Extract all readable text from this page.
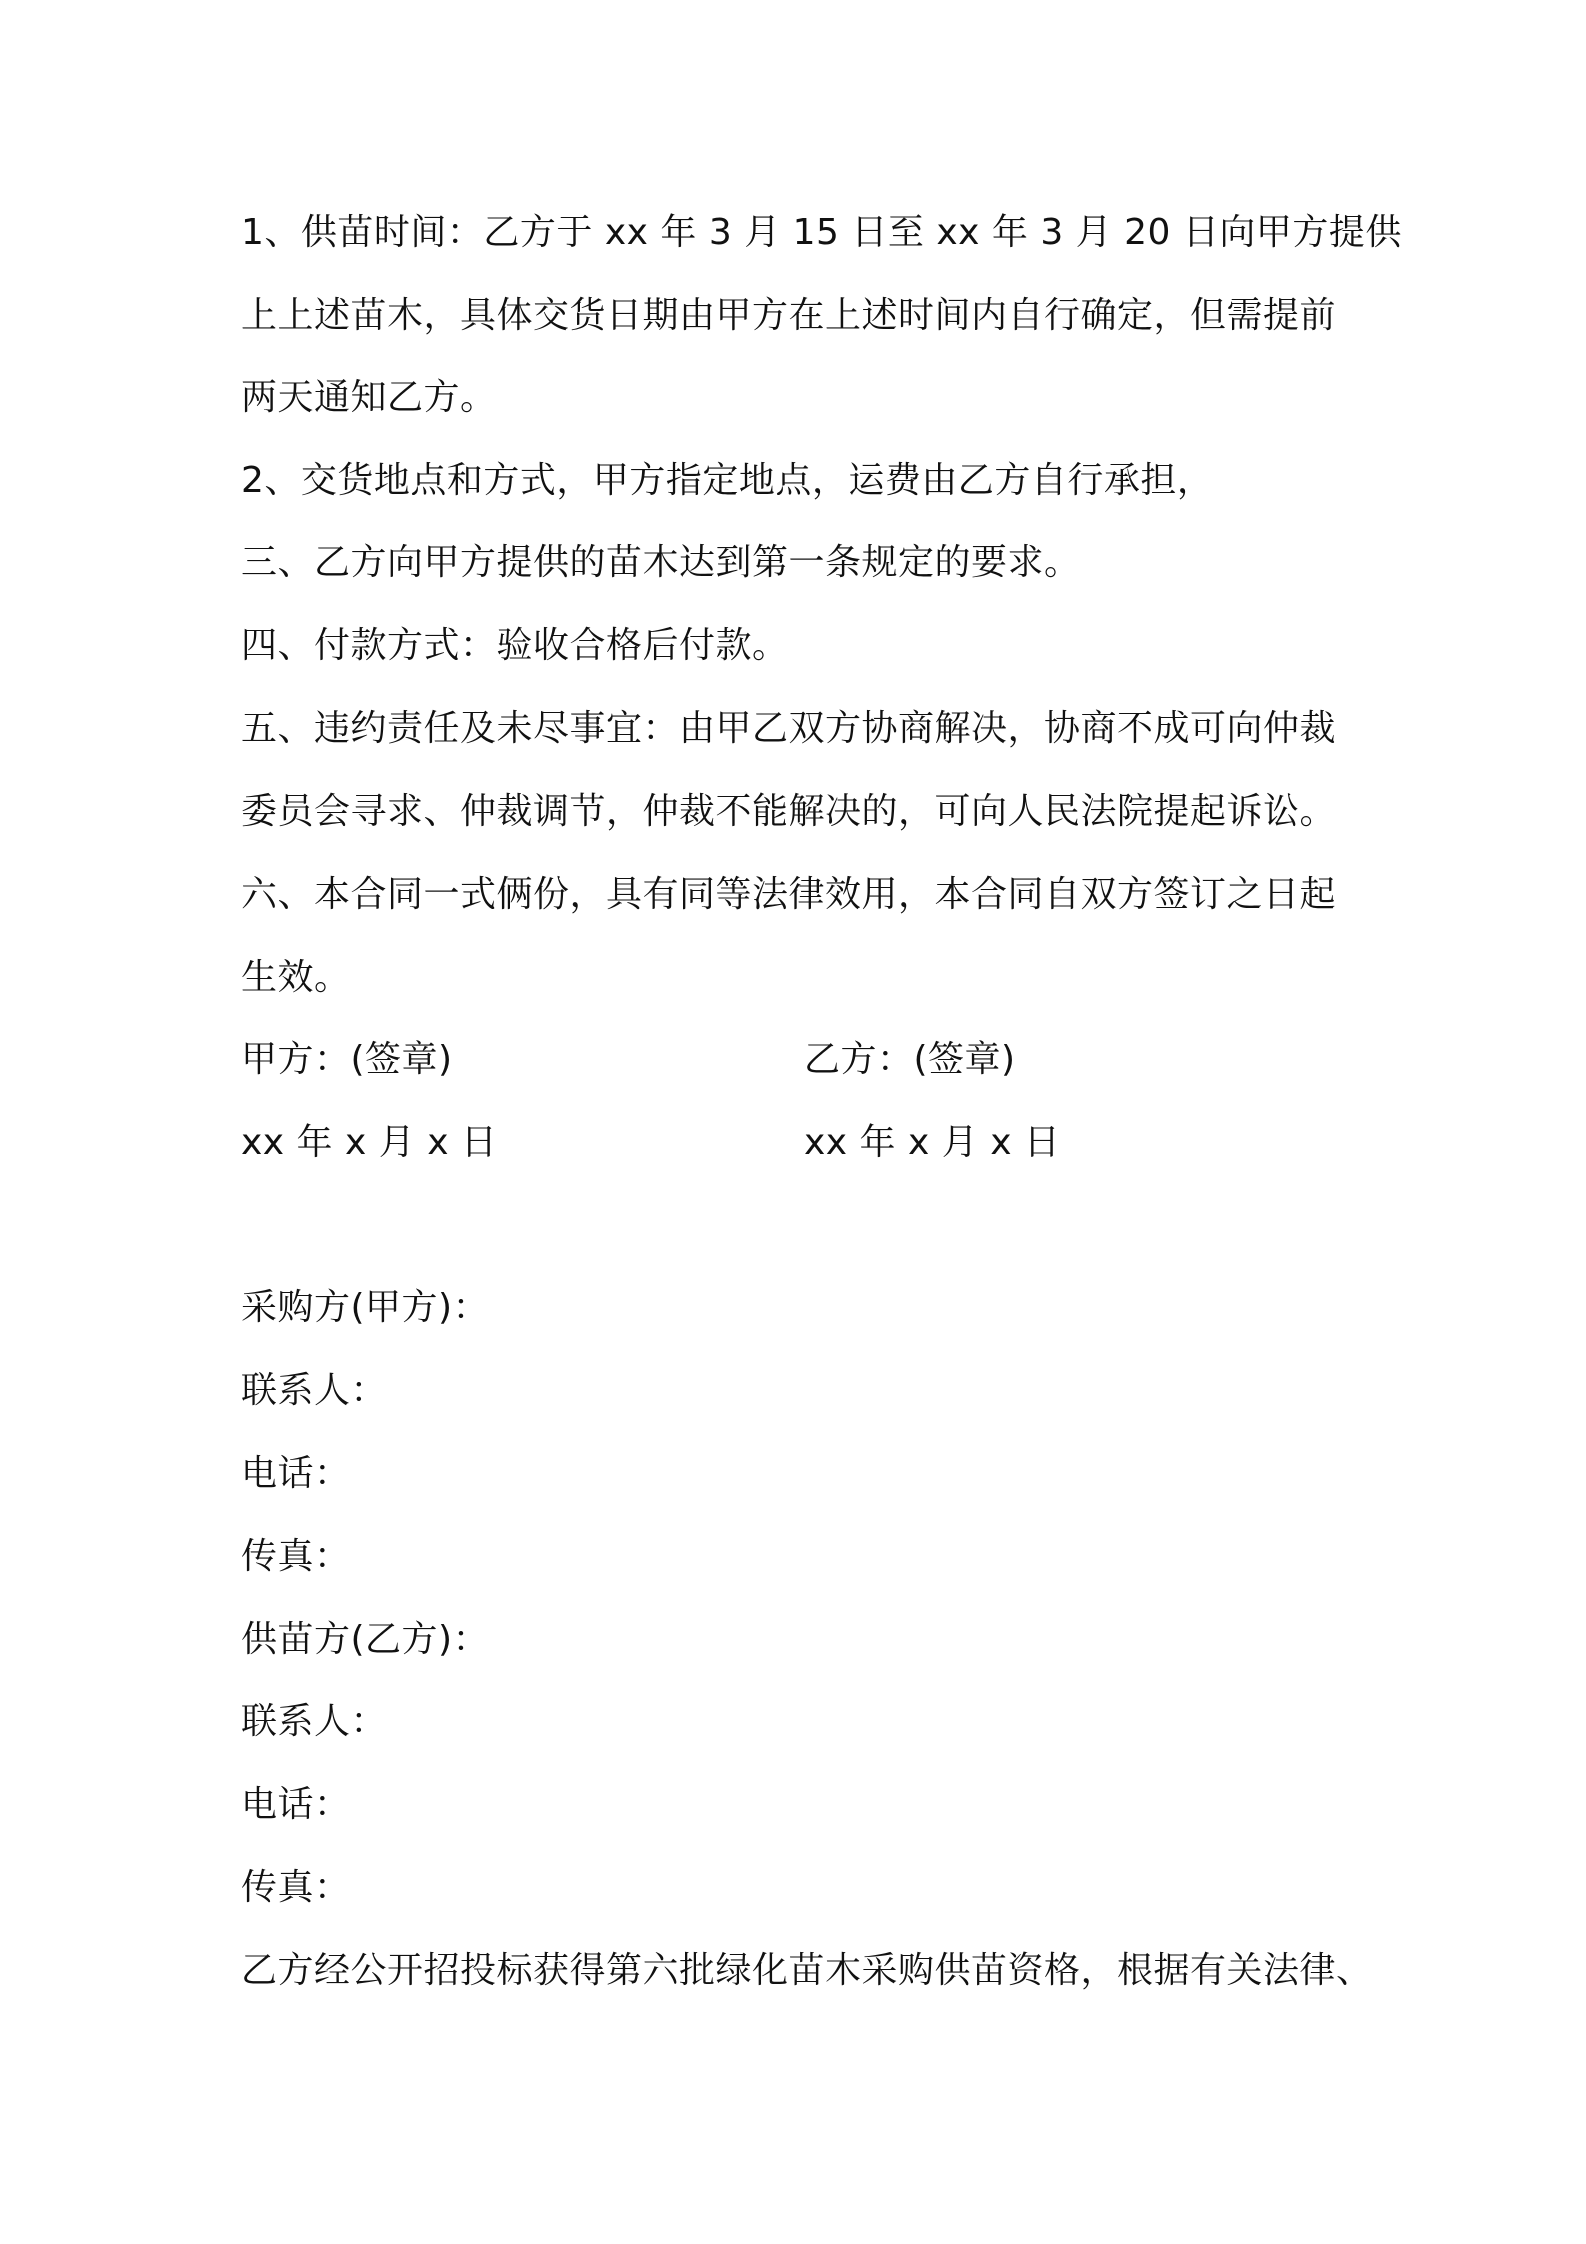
1、供苗时间：乙方于 xx 年 3 月 15 日至 xx 年 3 月 20 日向甲方提供
上上述苗木，具体交货日期由甲方在上述时间内自行确定，但需提前
两天通知乙方。
2、交货地点和方式，甲方指定地点，运费由乙方自行承担，
三、乙方向甲方提供的苗木达到第一条规定的要求。
四、付款方式：验收合格后付款。
五、违约责任及未尽事宜：由甲乙双方协商解决，协商不成可向仲裁
委员会寻求、仲裁调节，仲裁不能解决的，可向人民法院提起诉讼。
六、本合同一式俩份，具有同等法律效用，本合同自双方签订之日起
生效。
甲方：(签章)	乙方：(签章)
xx 年 x 月 x 日	xx 年 x 月 x 日
采购方(甲方)：
联系人：
电话：
传真：
供苗方(乙方)：
联系人：
电话：
传真：
乙方经公开招投标获得第六批绿化苗木采购供苗资格，根据有关法律、
